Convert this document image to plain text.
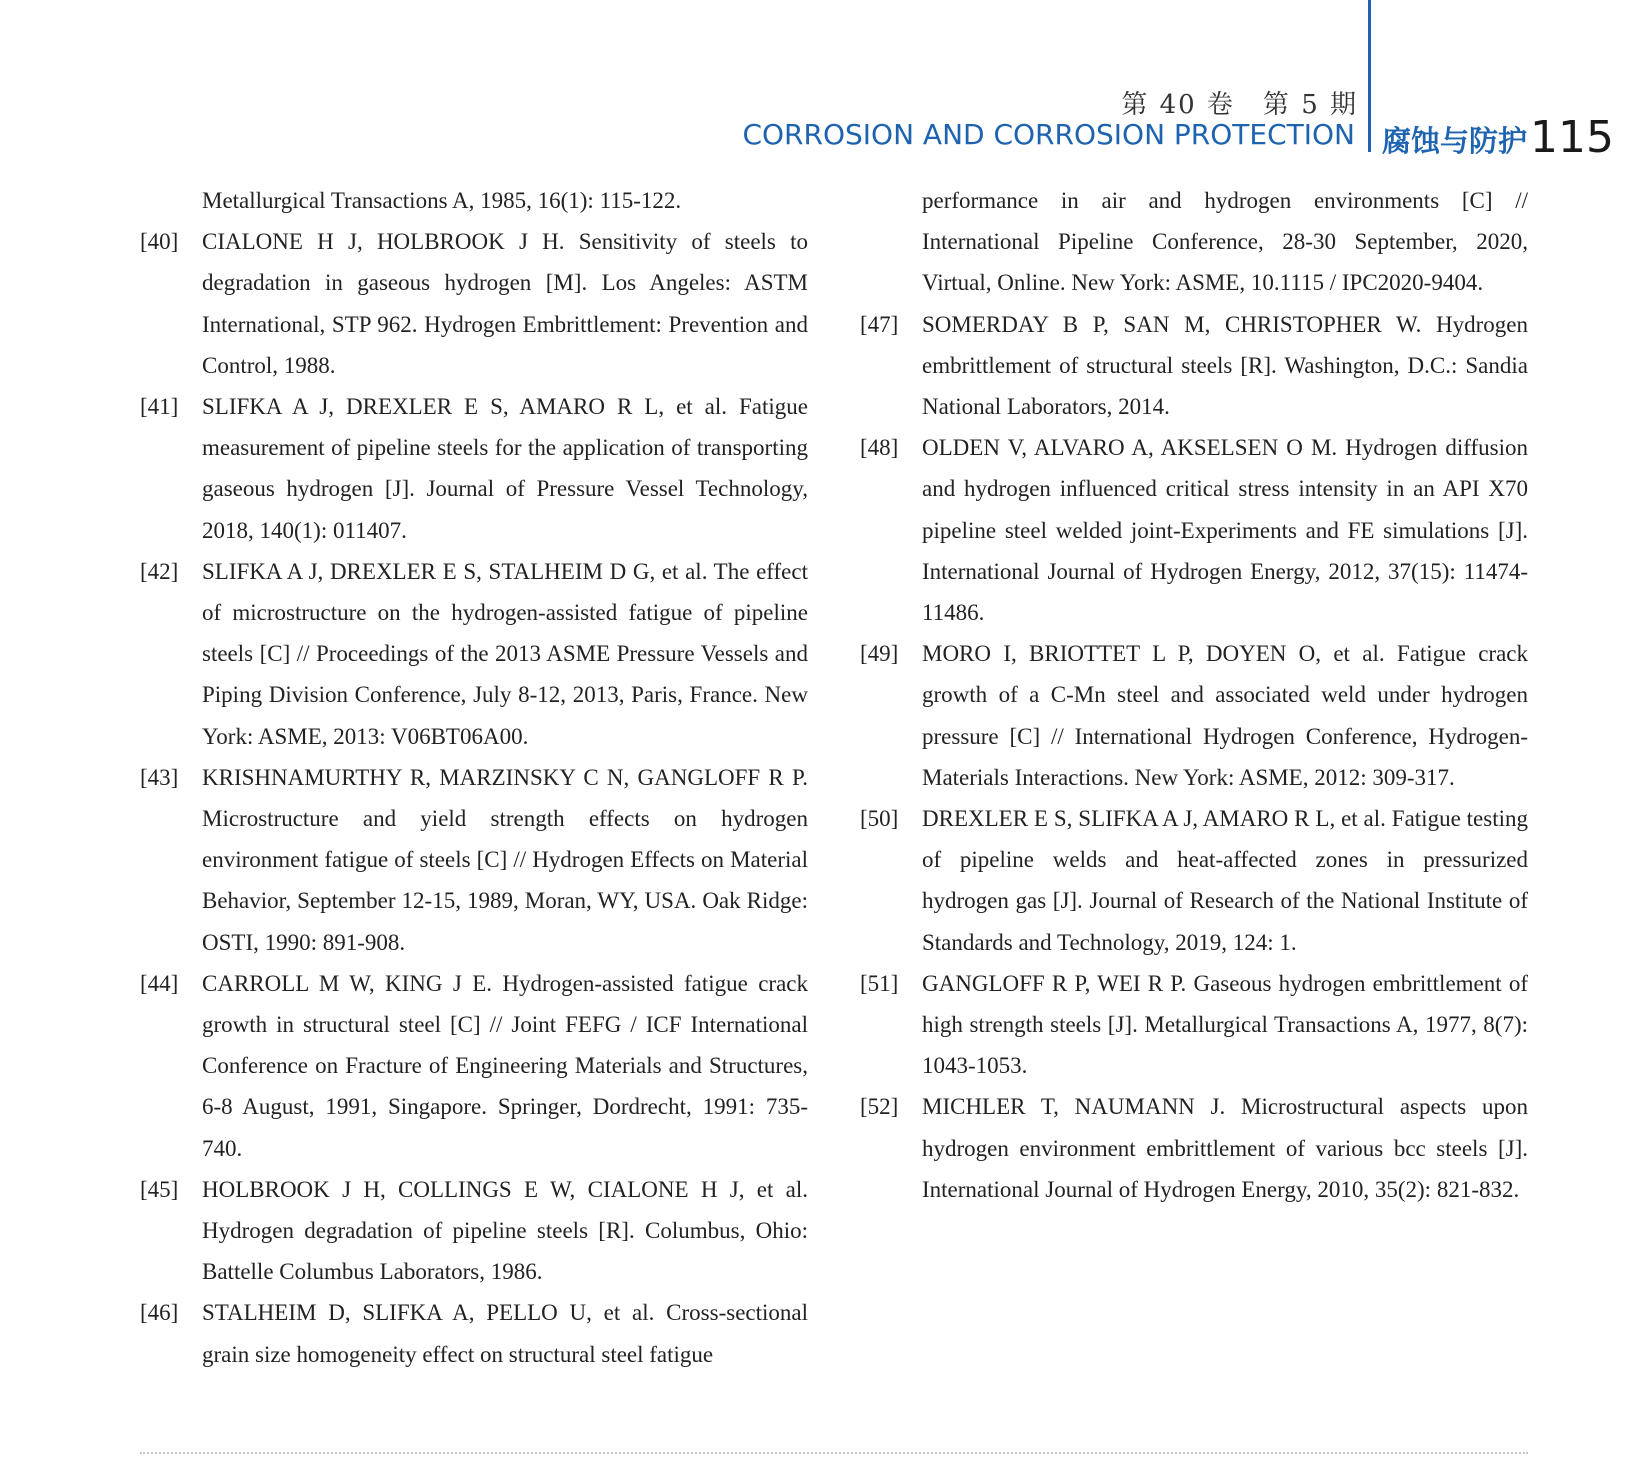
第 40 卷　第 5 期
CORROSION AND CORROSION PROTECTION 腐蚀与防护 115
Metallurgical Transactions A, 1985, 16(1): 115-122.
[40] CIALONE H J, HOLBROOK J H. Sensitivity of steels to degradation in gaseous hydrogen [M]. Los Angeles: ASTM International, STP 962. Hydrogen Embrittlement: Prevention and Control, 1988.
[41] SLIFKA A J, DREXLER E S, AMARO R L, et al. Fatigue measurement of pipeline steels for the application of transporting gaseous hydrogen [J]. Journal of Pressure Vessel Technology, 2018, 140(1): 011407.
[42] SLIFKA A J, DREXLER E S, STALHEIM D G, et al. The effect of microstructure on the hydrogen-assisted fatigue of pipeline steels [C] // Proceedings of the 2013 ASME Pressure Vessels and Piping Division Conference, July 8-12, 2013, Paris, France. New York: ASME, 2013: V06BT06A00.
[43] KRISHNAMURTHY R, MARZINSKY C N, GANGLOFF R P. Microstructure and yield strength effects on hydrogen environment fatigue of steels [C] // Hydrogen Effects on Material Behavior, September 12-15, 1989, Moran, WY, USA. Oak Ridge: OSTI, 1990: 891-908.
[44] CARROLL M W, KING J E. Hydrogen-assisted fatigue crack growth in structural steel [C] // Joint FEFG / ICF International Conference on Fracture of Engineering Materials and Structures, 6-8 August, 1991, Singapore. Springer, Dordrecht, 1991: 735-740.
[45] HOLBROOK J H, COLLINGS E W, CIALONE H J, et al. Hydrogen degradation of pipeline steels [R]. Columbus, Ohio: Battelle Columbus Laborators, 1986.
[46] STALHEIM D, SLIFKA A, PELLO U, et al. Cross-sectional grain size homogeneity effect on structural steel fatigue
performance in air and hydrogen environments [C] // International Pipeline Conference, 28-30 September, 2020, Virtual, Online. New York: ASME, 10.1115 / IPC2020-9404.
[47] SOMERDAY B P, SAN M, CHRISTOPHER W. Hydrogen embrittlement of structural steels [R]. Washington, D.C.: Sandia National Laborators, 2014.
[48] OLDEN V, ALVARO A, AKSELSEN O M. Hydrogen diffusion and hydrogen influenced critical stress intensity in an API X70 pipeline steel welded joint-Experiments and FE simulations [J]. International Journal of Hydrogen Energy, 2012, 37(15): 11474-11486.
[49] MORO I, BRIOTTET L P, DOYEN O, et al. Fatigue crack growth of a C-Mn steel and associated weld under hydrogen pressure [C] // International Hydrogen Conference, Hydrogen-Materials Interactions. New York: ASME, 2012: 309-317.
[50] DREXLER E S, SLIFKA A J, AMARO R L, et al. Fatigue testing of pipeline welds and heat-affected zones in pressurized hydrogen gas [J]. Journal of Research of the National Institute of Standards and Technology, 2019, 124: 1.
[51] GANGLOFF R P, WEI R P. Gaseous hydrogen embrittlement of high strength steels [J]. Metallurgical Transactions A, 1977, 8(7): 1043-1053.
[52] MICHLER T, NAUMANN J. Microstructural aspects upon hydrogen environment embrittlement of various bcc steels [J]. International Journal of Hydrogen Energy, 2010, 35(2): 821-832.
